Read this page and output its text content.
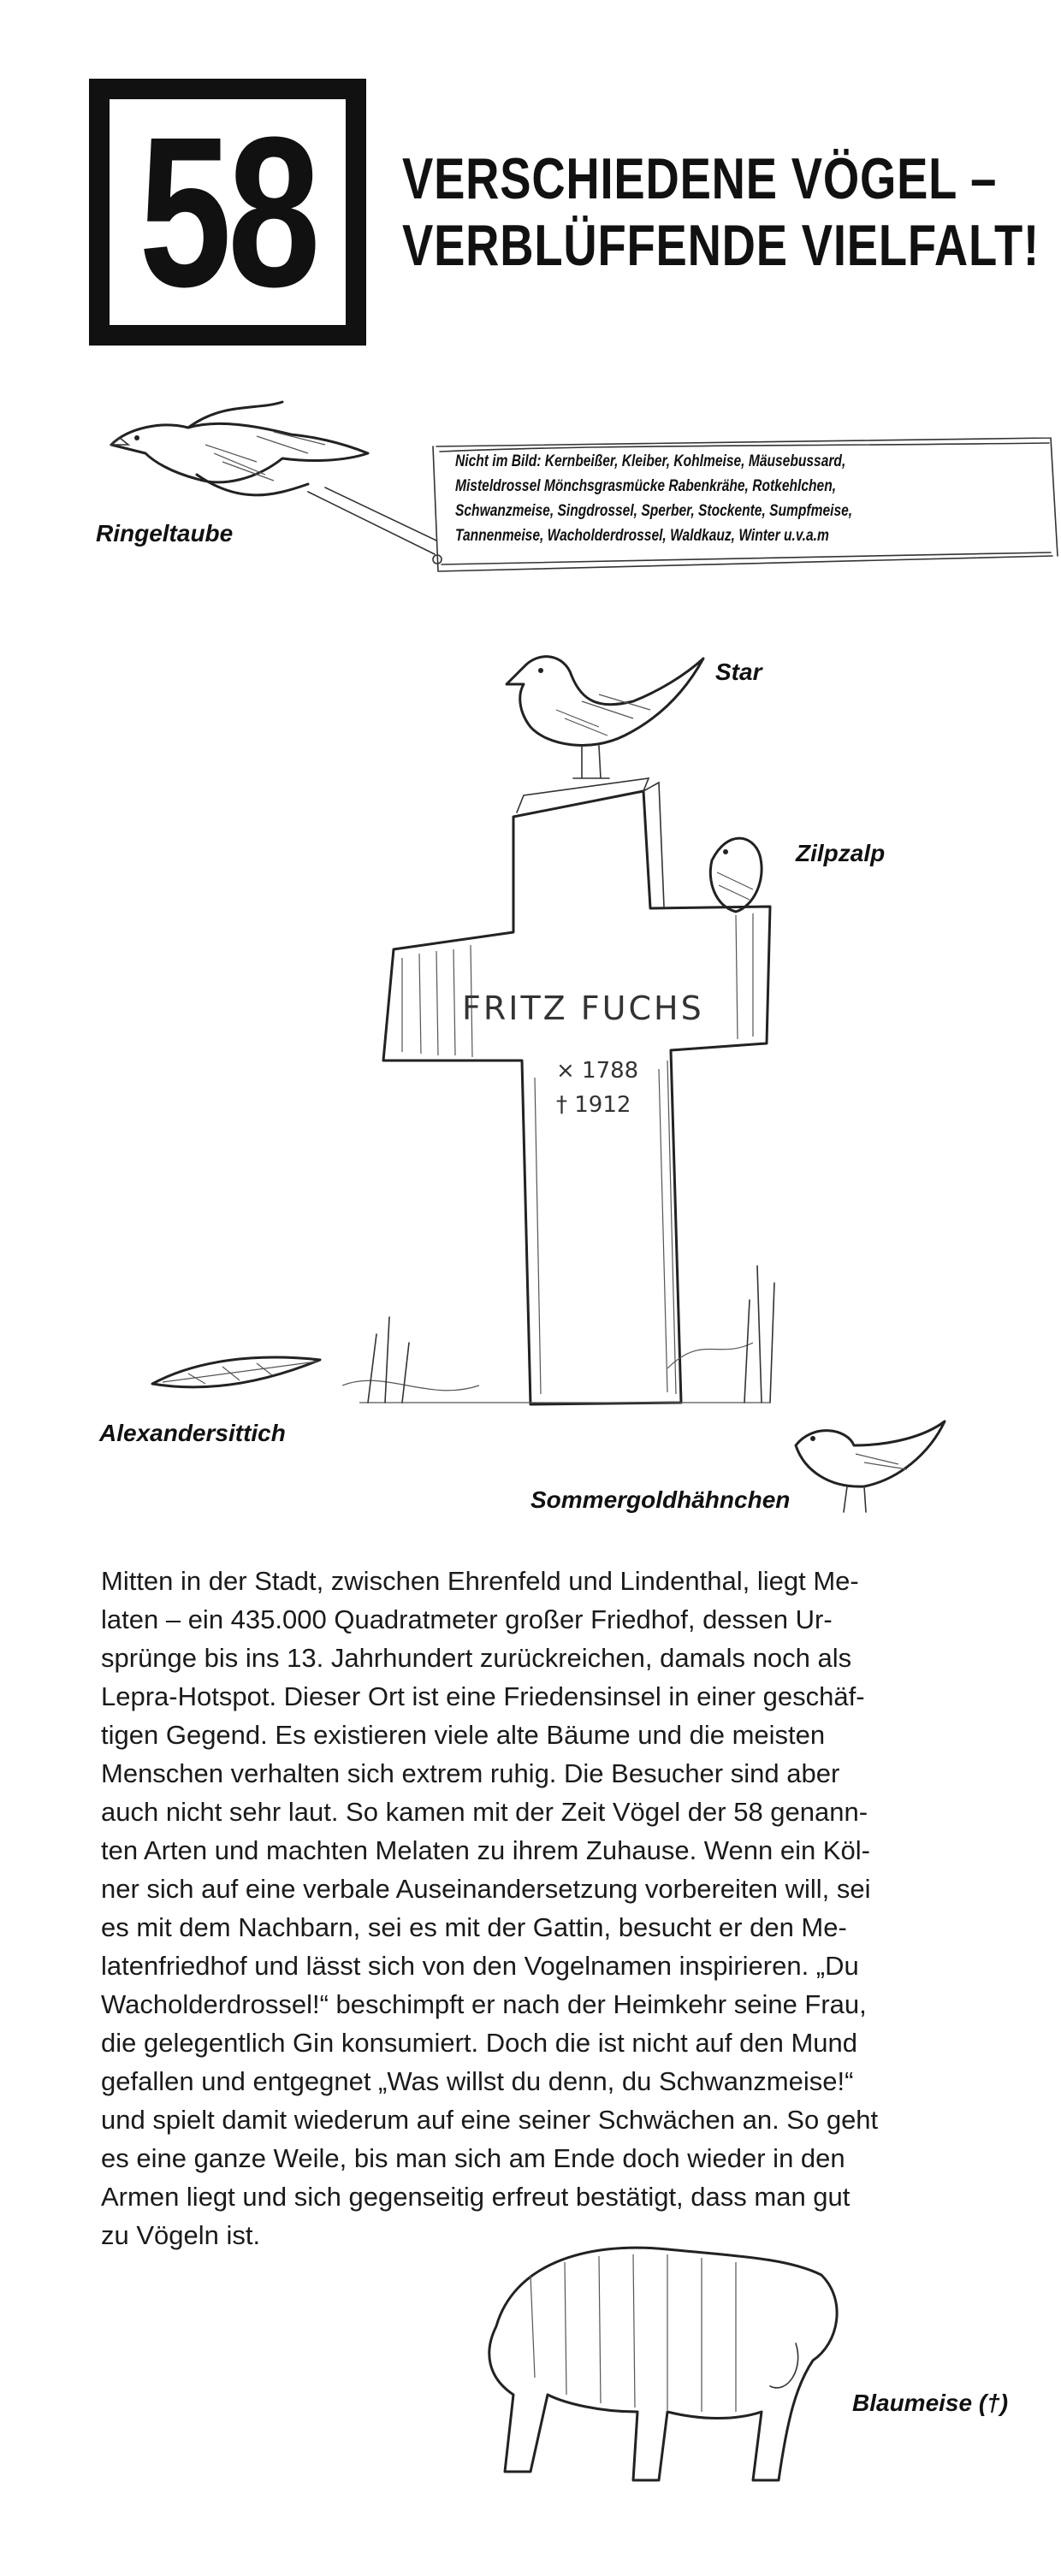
58 VERSCHIEDENE VÖGEL –
VERBLÜFFENDE VIELFALT!
FRITZ FUCHS
× 1788
† 1912
Nicht im Bild: Kernbeißer, Kleiber, Kohlmeise, Mäusebussard,
Misteldrossel Mönchsgrasmücke Rabenkrähe, Rotkehlchen,
Schwanzmeise, Singdrossel, Sperber, Stockente, Sumpfmeise,
Tannenmeise, Wacholderdrossel, Waldkauz, Winter u.v.a.m
Ringeltaube
Star
Zilpzalp
Alexandersittich
Sommergoldhähnchen
Blaumeise (†)
Mitten in der Stadt, zwischen Ehrenfeld und Lindenthal, liegt Me-
laten – ein 435.000 Quadratmeter großer Friedhof, dessen Ur-
sprünge bis ins 13. Jahrhundert zurückreichen, damals noch als
Lepra-Hotspot. Dieser Ort ist eine Friedensinsel in einer geschäf-
tigen Gegend. Es existieren viele alte Bäume und die meisten
Menschen verhalten sich extrem ruhig. Die Besucher sind aber
auch nicht sehr laut. So kamen mit der Zeit Vögel der 58 genann-
ten Arten und machten Melaten zu ihrem Zuhause. Wenn ein Köl-
ner sich auf eine verbale Auseinandersetzung vorbereiten will, sei
es mit dem Nachbarn, sei es mit der Gattin, besucht er den Me-
latenfriedhof und lässt sich von den Vogelnamen inspirieren. „Du
Wacholderdrossel!“ beschimpft er nach der Heimkehr seine Frau,
die gelegentlich Gin konsumiert. Doch die ist nicht auf den Mund
gefallen und entgegnet „Was willst du denn, du Schwanzmeise!“
und spielt damit wiederum auf eine seiner Schwächen an. So geht
es eine ganze Weile, bis man sich am Ende doch wieder in den
Armen liegt und sich gegenseitig erfreut bestätigt, dass man gut
zu Vögeln ist.
